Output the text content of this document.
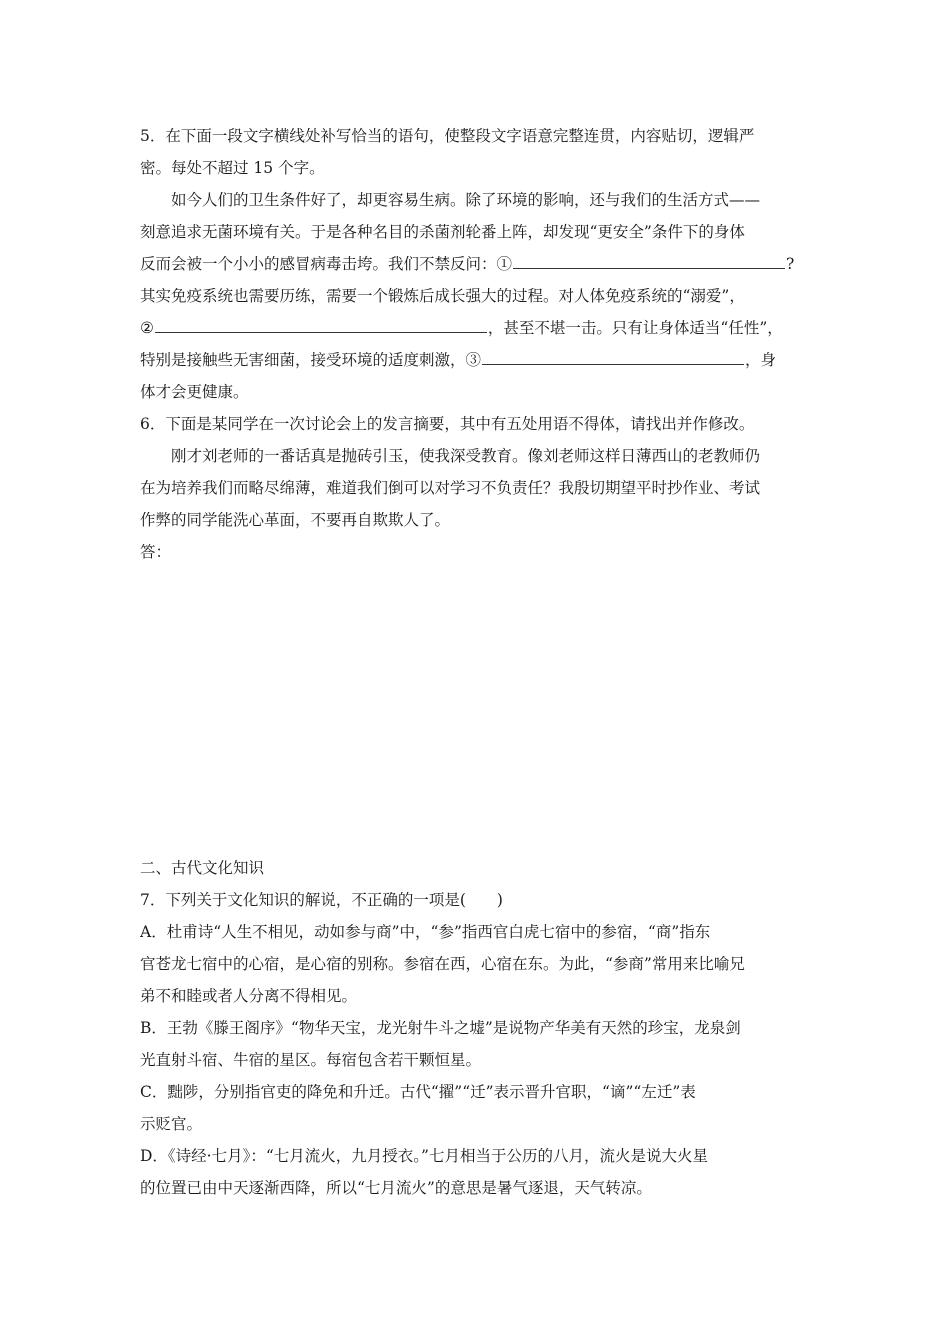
5．在下面一段文字横线处补写恰当的语句，使整段文字语意完整连贯，内容贴切，逻辑严
密。每处不超过 15 个字。
如今人们的卫生条件好了，却更容易生病。除了环境的影响，还与我们的生活方式——
刻意追求无菌环境有关。于是各种名目的杀菌剂轮番上阵，却发现“更安全”条件下的身体
反而会被一个小小的感冒病毒击垮。我们不禁反问：①	?
其实免疫系统也需要历练，需要一个锻炼后成长强大的过程。对人体免疫系统的“溺爱”，
②	，甚至不堪一击。只有让身体适当“任性”，
特别是接触些无害细菌，接受环境的适度刺激，③	，身
体才会更健康。
6．下面是某同学在一次讨论会上的发言摘要，其中有五处用语不得体，请找出并作修改。
刚才刘老师的一番话真是抛砖引玉，使我深受教育。像刘老师这样日薄西山的老教师仍
在为培养我们而略尽绵薄，难道我们倒可以对学习不负责任？我殷切期望平时抄作业、考试
作弊的同学能洗心革面，不要再自欺欺人了。
答：
二、古代文化知识
7．下列关于文化知识的解说，不正确的一项是(　　)
A．杜甫诗“人生不相见，动如参与商”中，“参”指西官白虎七宿中的参宿，“商”指东
官苍龙七宿中的心宿，是心宿的别称。参宿在西，心宿在东。为此，“参商”常用来比喻兄
弟不和睦或者人分离不得相见。
B．王勃《滕王阁序》“物华天宝，龙光射牛斗之墟”是说物产华美有天然的珍宝，龙泉剑
光直射斗宿、牛宿的星区。每宿包含若干颗恒星。
C．黜陟，分别指官吏的降免和升迁。古代“擢”“迁”表示晋升官职，“谪”“左迁”表
示贬官。
D．《诗经·七月》：“七月流火，九月授衣。”七月相当于公历的八月，流火是说大火星
的位置已由中天逐渐西降，所以“七月流火”的意思是暑气逐退，天气转凉。
